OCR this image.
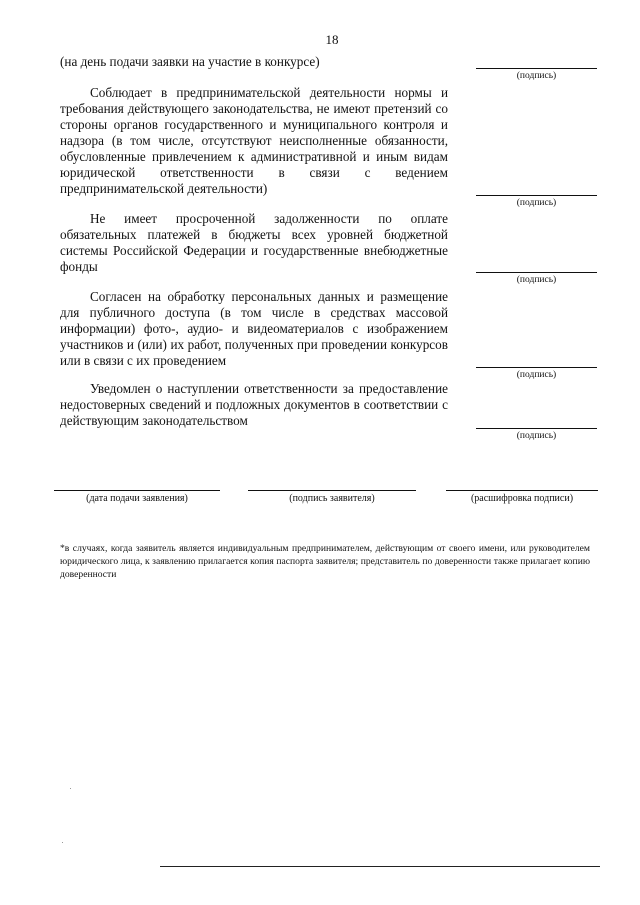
18
(на день подачи заявки на участие в конкурсе)
(подпись)

Соблюдает в предпринимательской деятельности нормы и требования действующего законодательства, не имеют претензий со стороны органов государственного и муниципального контроля и надзора (в том числе, отсутствуют неисполненные обязанности, обусловленные привлечением к административной и иным видам юридической ответственности в связи с ведением предпринимательской деятельности)

(подпись)

Не имеет просроченной задолженности по оплате обязательных платежей в бюджеты всех уровней бюджетной системы Российской Федерации и государственные внебюджетные фонды

(подпись)

Согласен на обработку персональных данных и размещение для публичного доступа (в том числе в средствах массовой информации) фото-, аудио- и видеоматериалов с изображением участников и (или) их работ, полученных при проведении конкурсов или в связи с их проведением

(подпись)

Уведомлен о наступлении ответственности за предоставление недостоверных сведений и подложных документов в соответствии с действующим законодательством

(подпись)
(дата подачи заявления)	(подпись заявителя)	(расшифровка подписи)

*в случаях, когда заявитель является индивидуальным предпринимателем, действующим от своего имени, или руководителем юридического лица, к заявлению прилагается копия паспорта заявителя; представитель по доверенности также прилагает копию доверенности
